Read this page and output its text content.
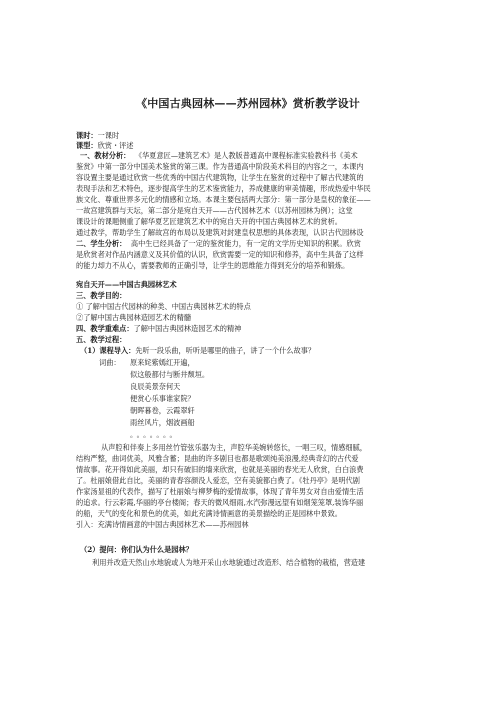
《中国古典园林——苏州园林》赏析教学设计
课时：一课时
课型：欣赏・评述
一、教材分析： 《华夏意匠—建筑艺术》是人教版普通高中课程标准实验教科书《美术
鉴赏》中第一部分中国美术鉴赏的第三课。作为普通高中阶段美术科目的内容之一，本课内
容设置主要是通过欣赏一些优秀的中国古代建筑物，让学生在鉴赏的过程中了解古代建筑的
表现手法和艺术特色，逐步提高学生的艺术鉴赏能力，养成健康的审美情趣，形成热爱中华民
族文化、尊重世界多元化的情感和立场。本课主要包括两大部分：第一部分是皇权的象征——
一故宫建筑群与天坛，第二部分是宛自天开——古代园林艺术（以苏州园林为例）；这堂
课设计的课题侧重了解华夏艺匠建筑艺术中的宛自天开的中国古典园林艺术的赏析。
通过教学，帮助学生了解故宫的布局以及建筑对封建皇权思想的具体表现，认识古代园林设
二、学生分析： 高中生已经具备了一定的鉴赏能力，有一定的文学历史知识的积累。欣赏
是欣赏者对作品内涵意义及其价值的认识，欣赏需要一定的知识和修养，高中生具备了这样
的能力却力不从心，需要教师的正确引导，让学生的思维能力得到充分的培养和锻炼。
宛自天开——中国古典园林艺术
三、教学目的：
① 了解中国古代园林的种类、中国古典园林艺术的特点
②了解中国古典园林造园艺术的精髓
四、教学重难点：了解中国古典园林造园艺术的精神
五、教学过程：
（1）课程导入：先听一段乐曲，听听是哪里的曲子，讲了一个什么故事？
词曲： 原来姹紫嫣红开遍，
似这般都付与断井颓垣。
良辰美景奈何天
便赏心乐事谁家院？
朝晖暮卷，云霞翠轩
雨丝风片，烟波画船
。。。。。。。
从声腔和伴奏上多用丝竹管弦乐器为主，声腔华美婉转悠长，一唱三叹，情感细腻，
结构严整，曲词优美，风雅含蓄；昆曲的许多剧目也都是歌颂纯美浪漫,经典奇幻的古代爱
情故事。花开得如此美丽，却只有破旧的墙来欣赏，也就是美丽的春光无人欣赏，白白浪费
了。杜丽娘借此自比，美丽的青春容颜没人爱恋，空有美貌都白费了。《牡丹亭》是明代剧
作家汤显祖的代表作，描写了杜丽娘与柳梦梅的爱情故事，体现了青年男女对自由爱情生活
的追求。行云彩霞,华丽的亭台楼阁；春天的微风细雨,水汽弥漫远望有如烟笼笼罩,装饰华丽
的船，天气的变化和景色的优美，如此充满诗情画意的美景描绘的正是园林中景致。
引入：充满诗情画意的中国古典园林艺术——苏州园林
（2）提问：你们认为什么是园林？
利用并改造天然山水地貌或人为地开采山水地貌通过改造形、结合植物的栽植，营造建
